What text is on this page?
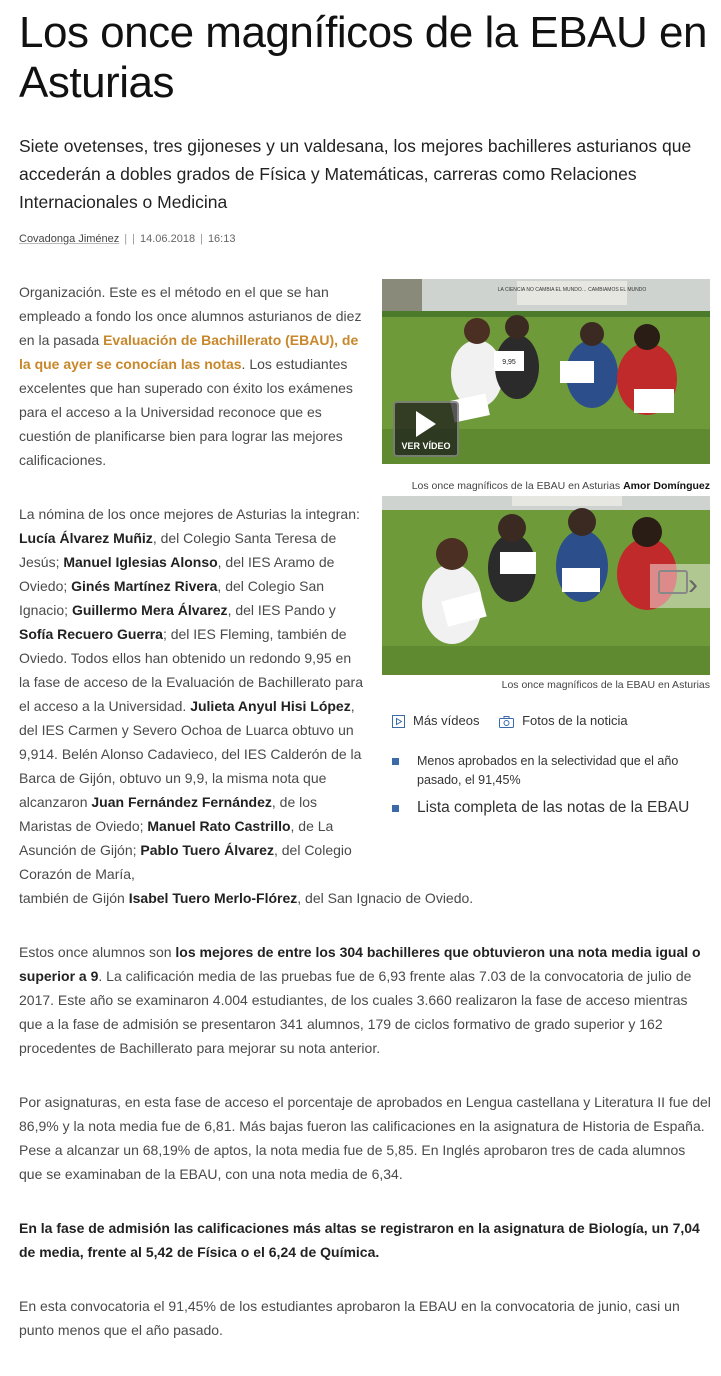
Los once magníficos de la EBAU en Asturias

Siete ovetenses, tres gijoneses y un valdesana, los mejores bachilleres asturianos que accederán a dobles grados de Física y Matemáticas, carreras como Relaciones Internacionales o Medicina

Covadonga Jiménez | | 14.06.2018 | 16:13

Organización. Este es el método en el que se han empleado a fondo los once alumnos asturianos de diez en la pasada Evaluación de Bachillerato (EBAU), de la que ayer se conocían las notas. Los estudiantes excelentes que han superado con éxito los exámenes para el acceso a la Universidad reconoce que es cuestión de planificarse bien para lograr las mejores calificaciones.

La nómina de los once mejores de Asturias la integran: Lucía Álvarez Muñiz, del Colegio Santa Teresa de Jesús; Manuel Iglesias Alonso, del IES Aramo de Oviedo; Ginés Martínez Rivera, del Colegio San Ignacio; Guillermo Mera Álvarez, del IES Pando y Sofía Recuero Guerra; del IES Fleming, también de Oviedo. Todos ellos han obtenido un redondo 9,95 en la fase de acceso de la Evaluación de Bachillerato para el acceso a la Universidad. Julieta Anyul Hisi López, del IES Carmen y Severo Ochoa de Luarca obtuvo un 9,914. Belén Alonso Cadavieco, del IES Calderón de la Barca de Gijón, obtuvo un 9,9, la misma nota que alcanzaron Juan Fernández Fernández, de los Maristas de Oviedo; Manuel Rato Castrillo, de La Asunción de Gijón; Pablo Tuero Álvarez, del Colegio Corazón de María,

también de Gijón Isabel Tuero Merlo-Flórez, del San Ignacio de Oviedo.

Estos once alumnos son los mejores de entre los 304 bachilleres que obtuvieron una nota media igual o superior a 9. La calificación media de las pruebas fue de 6,93 frente alas 7.03 de la convocatoria de julio de 2017. Este año se examinaron 4.004 estudiantes, de los cuales 3.660 realizaron la fase de acceso mientras que a la fase de admisión se presentaron 341 alumnos, 179 de ciclos formativo de grado superior y 162 procedentes de Bachillerato para mejorar su nota anterior.

Por asignaturas, en esta fase de acceso el porcentaje de aprobados en Lengua castellana y Literatura II fue del 86,9% y la nota media fue de 6,81. Más bajas fueron las calificaciones en la asignatura de Historia de España. Pese a alcanzar un 68,19% de aptos, la nota media fue de 5,85. En Inglés aprobaron tres de cada alumnos que se examinaban de la EBAU, con una nota media de 6,34.

En la fase de admisión las calificaciones más altas se registraron en la asignatura de Biología, un 7,04 de media, frente al 5,42 de Física o el 6,24 de Química.

En esta convocatoria el 91,45% de los estudiantes aprobaron la EBAU en la convocatoria de junio, casi un punto menos que el año pasado.

LA CIENCIA NO CAMBIA EL MUNDO… CAMBIAMOS EL MUNDO
9,95
VER VÍDEO
Los once magníficos de la EBAU en Asturias Amor Domínguez
›
Los once magníficos de la EBAU en Asturias
Más vídeos	Fotos de la noticia
Menos aprobados en la selectividad que el año pasado, el 91,45%
Lista completa de las notas de la EBAU
